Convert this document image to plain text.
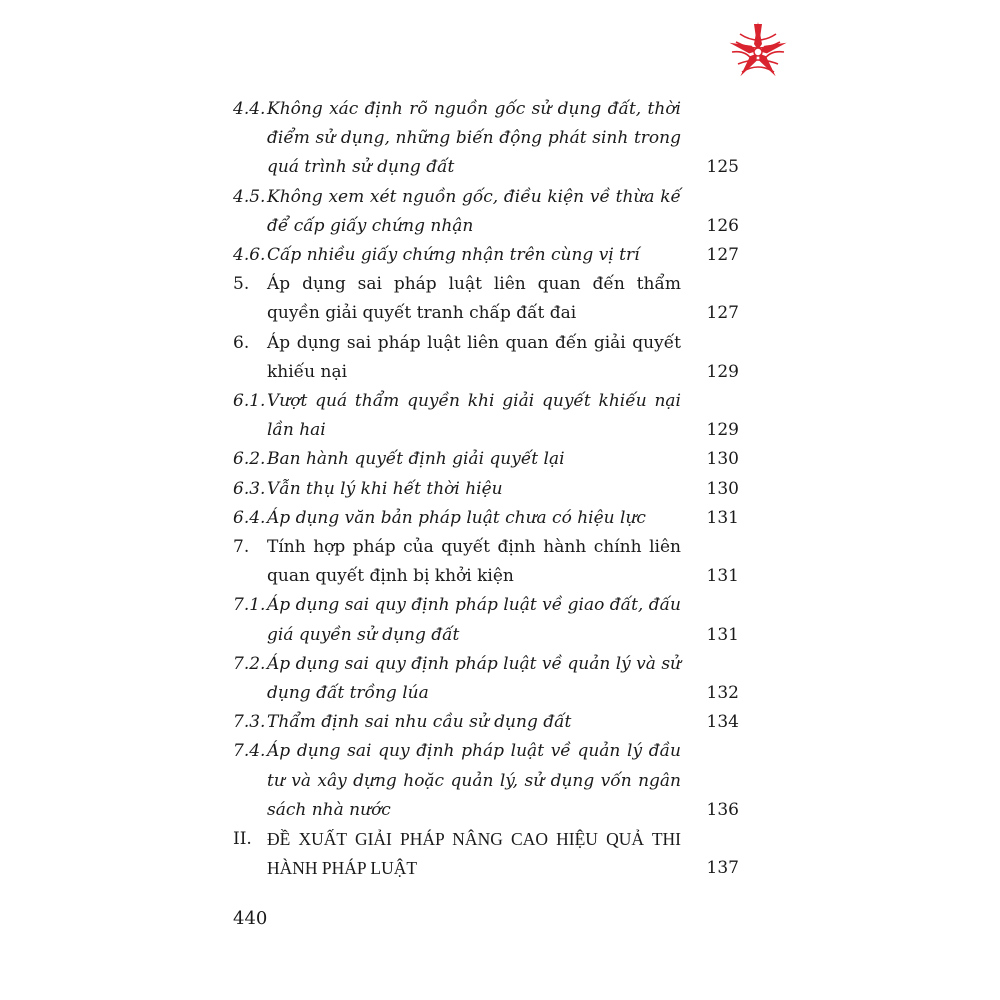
4.4. Không xác định rõ nguồn gốc sử dụng đất, thời điểm sử dụng, những biến động phát sinh trong quá trình sử dụng đất	125
4.5. Không xem xét nguồn gốc, điều kiện về thừa kế để cấp giấy chứng nhận	126
4.6. Cấp nhiều giấy chứng nhận trên cùng vị trí	127
5.	Áp dụng sai pháp luật liên quan đến thẩm quyền giải quyết tranh chấp đất đai	127
6.	Áp dụng sai pháp luật liên quan đến giải quyết khiếu nại	129
6.1. Vượt quá thẩm quyền khi giải quyết khiếu nại lần hai	129
6.2. Ban hành quyết định giải quyết lại	130
6.3. Vẫn thụ lý khi hết thời hiệu	130
6.4. Áp dụng văn bản pháp luật chưa có hiệu lực	131
7.	Tính hợp pháp của quyết định hành chính liên quan quyết định bị khởi kiện	131
7.1. Áp dụng sai quy định pháp luật về giao đất, đấu giá quyền sử dụng đất	131
7.2. Áp dụng sai quy định pháp luật về quản lý và sử dụng đất trồng lúa	132
7.3. Thẩm định sai nhu cầu sử dụng đất	134
7.4. Áp dụng sai quy định pháp luật về quản lý đầu tư và xây dựng hoặc quản lý, sử dụng vốn ngân sách nhà nước	136
II. ĐỀ XUẤT GIẢI PHÁP NÂNG CAO HIỆU QUẢ THI HÀNH PHÁP LUẬT	137
440
